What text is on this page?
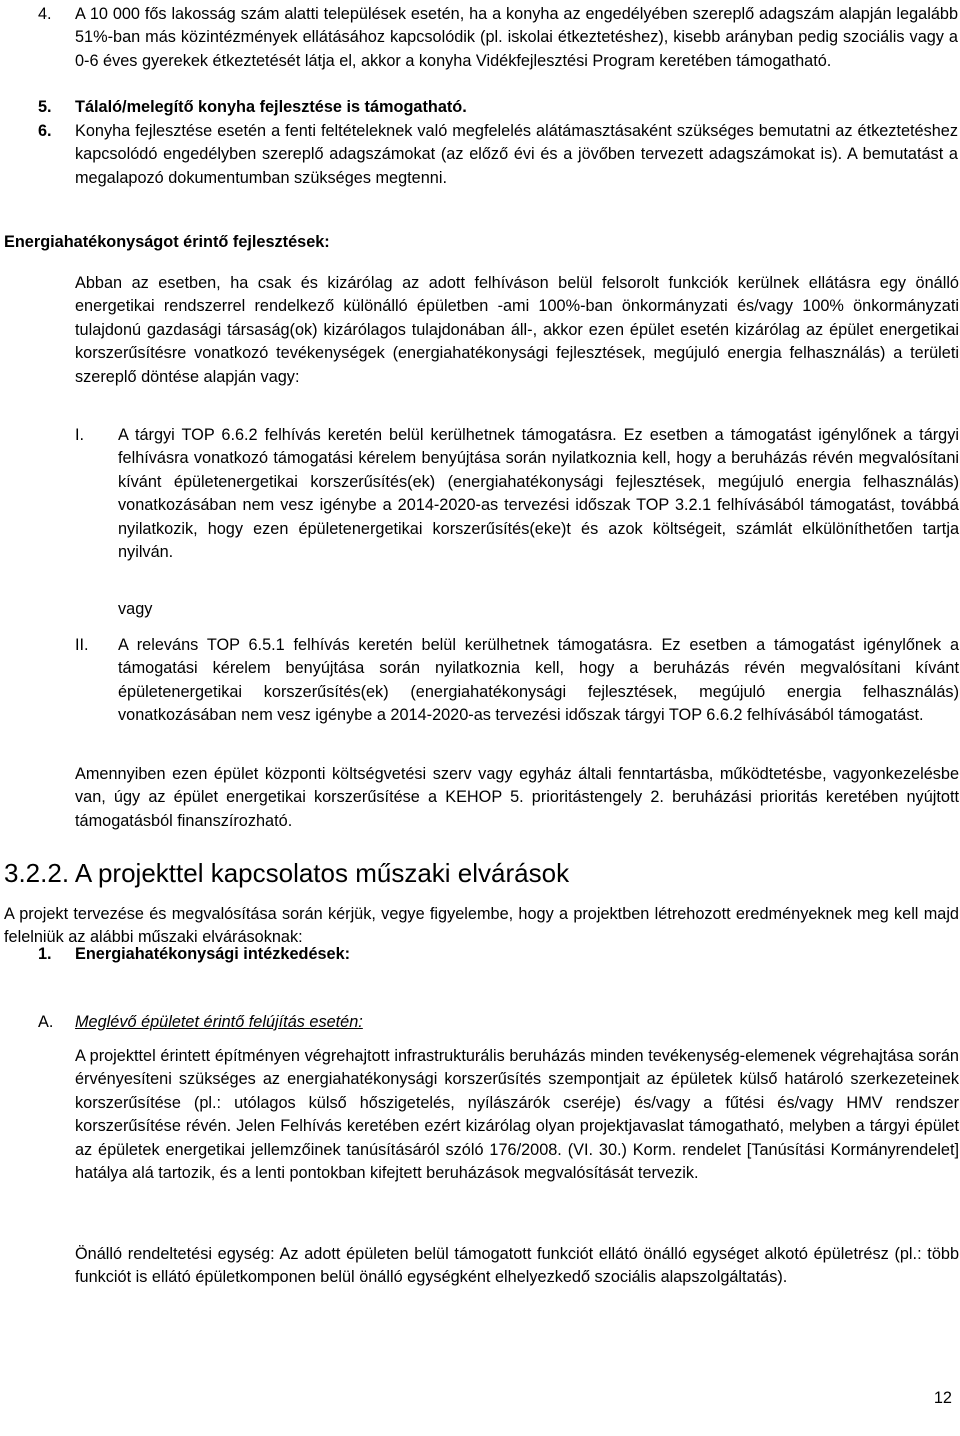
4. A 10 000 fős lakosság szám alatti települések esetén, ha a konyha az engedélyében szereplő adagszám alapján legalább 51%-ban más közintézmények ellátásához kapcsolódik (pl. iskolai étkeztetéshez), kisebb arányban pedig szociális vagy a 0-6 éves gyerekek étkeztetését látja el, akkor a konyha Vidékfejlesztési Program keretében támogatható.
5. Tálaló/melegítő konyha fejlesztése is támogatható.
6. Konyha fejlesztése esetén a fenti feltételeknek való megfelelés alátámasztásaként szükséges bemutatni az étkeztetéshez kapcsolódó engedélyben szereplő adagszámokat (az előző évi és a jövőben tervezett adagszámokat is). A bemutatást a megalapozó dokumentumban szükséges megtenni.
Energiahatékonyságot érintő fejlesztések:
Abban az esetben, ha csak és kizárólag az adott felhíváson belül felsorolt funkciók kerülnek ellátásra egy önálló energetikai rendszerrel rendelkező különálló épületben -ami 100%-ban önkormányzati és/vagy 100% önkormányzati tulajdonú gazdasági társaság(ok) kizárólagos tulajdonában áll-, akkor ezen épület esetén kizárólag az épület energetikai korszerűsítésre vonatkozó tevékenységek (energiahatékonysági fejlesztések, megújuló energia felhasználás) a területi szereplő döntése alapján vagy:
I. A tárgyi TOP 6.6.2 felhívás keretén belül kerülhetnek támogatásra. Ez esetben a támogatást igénylőnek a tárgyi felhívásra vonatkozó támogatási kérelem benyújtása során nyilatkoznia kell, hogy a beruházás révén megvalósítani kívánt épületenergetikai korszerűsítés(ek) (energiahatékonysági fejlesztések, megújuló energia felhasználás) vonatkozásában nem vesz igénybe a 2014-2020-as tervezési időszak TOP 3.2.1 felhívásából támogatást, továbbá nyilatkozik, hogy ezen épületenergetikai korszerűsítés(eke)t és azok költségeit, számlát elkülöníthetően tartja nyilván.
vagy
II. A releváns TOP 6.5.1 felhívás keretén belül kerülhetnek támogatásra. Ez esetben a támogatást igénylőnek a támogatási kérelem benyújtása során nyilatkoznia kell, hogy a beruházás révén megvalósítani kívánt épületenergetikai korszerűsítés(ek) (energiahatékonysági fejlesztések, megújuló energia felhasználás) vonatkozásában nem vesz igénybe a 2014-2020-as tervezési időszak tárgyi TOP 6.6.2 felhívásából támogatást.
Amennyiben ezen épület központi költségvetési szerv vagy egyház általi fenntartásba, működtetésbe, vagyonkezelésbe van, úgy az épület energetikai korszerűsítése a KEHOP 5. prioritástengely 2. beruházási prioritás keretében nyújtott támogatásból finanszírozható.
3.2.2. A projekttel kapcsolatos műszaki elvárások
A projekt tervezése és megvalósítása során kérjük, vegye figyelembe, hogy a projektben létrehozott eredményeknek meg kell majd felelniük az alábbi műszaki elvárásoknak:
1. Energiahatékonysági intézkedések:
A. Meglévő épületet érintő felújítás esetén:
A projekttel érintett építményen végrehajtott infrastrukturális beruházás minden tevékenység-elemenek végrehajtása során érvényesíteni szükséges az energiahatékonysági korszerűsítés szempontjait az épületek külső határoló szerkezeteinek korszerűsítése (pl.: utólagos külső hőszigetelés, nyílászárók cseréje) és/vagy a fűtési és/vagy HMV rendszer korszerűsítése révén. Jelen Felhívás keretében ezért kizárólag olyan projektjavaslat támogatható, melyben a tárgyi épület az épületek energetikai jellemzőinek tanúsításáról szóló 176/2008. (VI. 30.) Korm. rendelet [Tanúsítási Kormányrendelet] hatálya alá tartozik, és a lenti pontokban kifejtett beruházások megvalósítását tervezik.
Önálló rendeltetési egység: Az adott épületen belül támogatott funkciót ellátó önálló egységet alkotó épületrész (pl.: több funkciót is ellátó épületkomponen belül önálló egységként elhelyezkedő szociális alapszolgáltatás).
12
